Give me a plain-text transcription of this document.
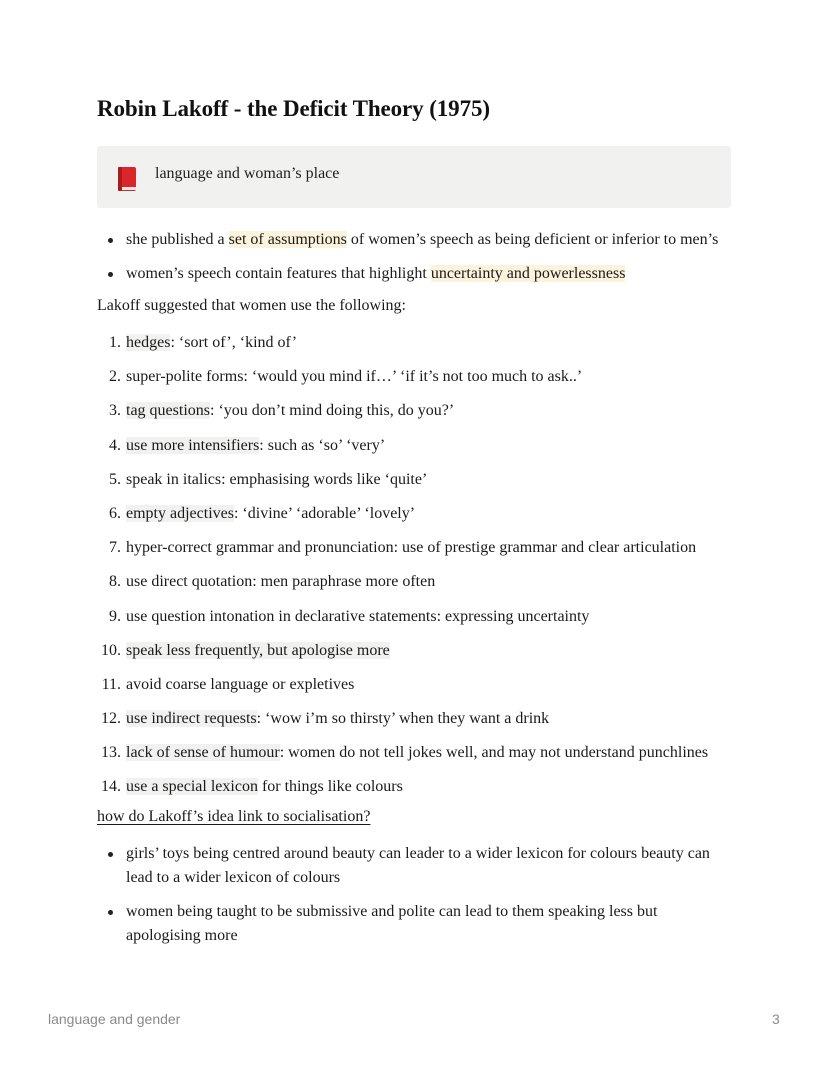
Robin Lakoff - the Deficit Theory (1975)
language and woman’s place
she published a set of assumptions of women’s speech as being deficient or inferior to men’s
women’s speech contain features that highlight uncertainty and powerlessness

Lakoff suggested that women use the following:

1. hedges: ‘sort of’, ‘kind of’
2. super-polite forms: ‘would you mind if…’ ‘if it’s not too much to ask..’
3. tag questions: ‘you don’t mind doing this, do you?’
4. use more intensifiers: such as ‘so’ ‘very’
5. speak in italics: emphasising words like ‘quite’
6. empty adjectives: ‘divine’ ‘adorable’ ‘lovely’
7. hyper-correct grammar and pronunciation: use of prestige grammar and clear articulation
8. use direct quotation: men paraphrase more often
9. use question intonation in declarative statements: expressing uncertainty
10. speak less frequently, but apologise more
11. avoid coarse language or expletives
12. use indirect requests: ‘wow i’m so thirsty’ when they want a drink
13. lack of sense of humour: women do not tell jokes well, and may not understand punchlines
14. use a special lexicon for things like colours

how do Lakoff’s idea link to socialisation?

girls’ toys being centred around beauty can leader to a wider lexicon for colours beauty can lead to a wider lexicon of colours
women being taught to be submissive and polite can lead to them speaking less but apologising more
language and gender	3
